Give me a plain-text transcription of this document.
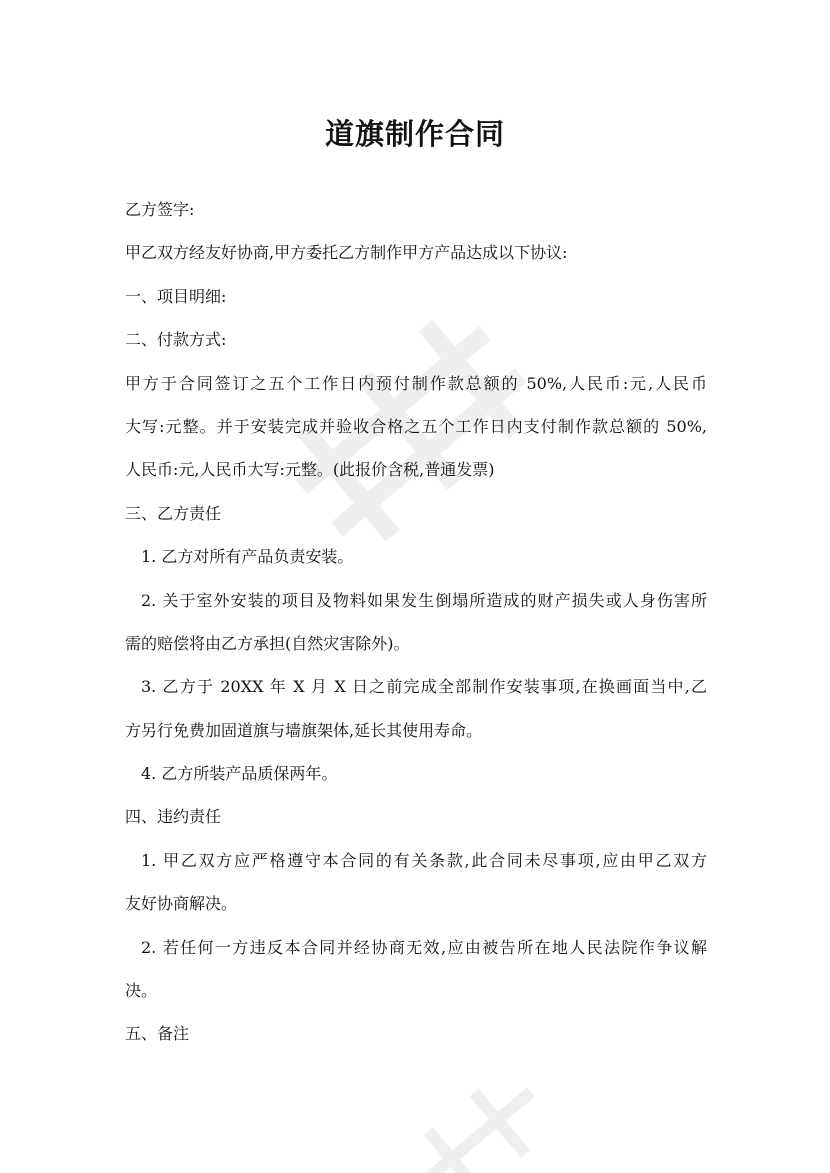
道旗制作合同
乙方签字:
甲乙双方经友好协商,甲方委托乙方制作甲方产品达成以下协议:
一、项目明细:
二、付款方式:
甲方于合同签订之五个工作日内预付制作款总额的 50%,人民币:元,人民币
大写:元整。并于安装完成并验收合格之五个工作日内支付制作款总额的 50%,
人民币:元,人民币大写:元整。(此报价含税,普通发票)
三、乙方责任
1. 乙方对所有产品负责安装。
2. 关于室外安装的项目及物料如果发生倒塌所造成的财产损失或人身伤害所
需的赔偿将由乙方承担(自然灾害除外)。
3. 乙方于 20XX 年 X 月 X 日之前完成全部制作安装事项,在换画面当中,乙
方另行免费加固道旗与墙旗架体,延长其使用寿命。
4. 乙方所装产品质保两年。
四、违约责任
1. 甲乙双方应严格遵守本合同的有关条款,此合同未尽事项,应由甲乙双方
友好协商解决。
2. 若任何一方违反本合同并经协商无效,应由被告所在地人民法院作争议解
决。
五、备注
